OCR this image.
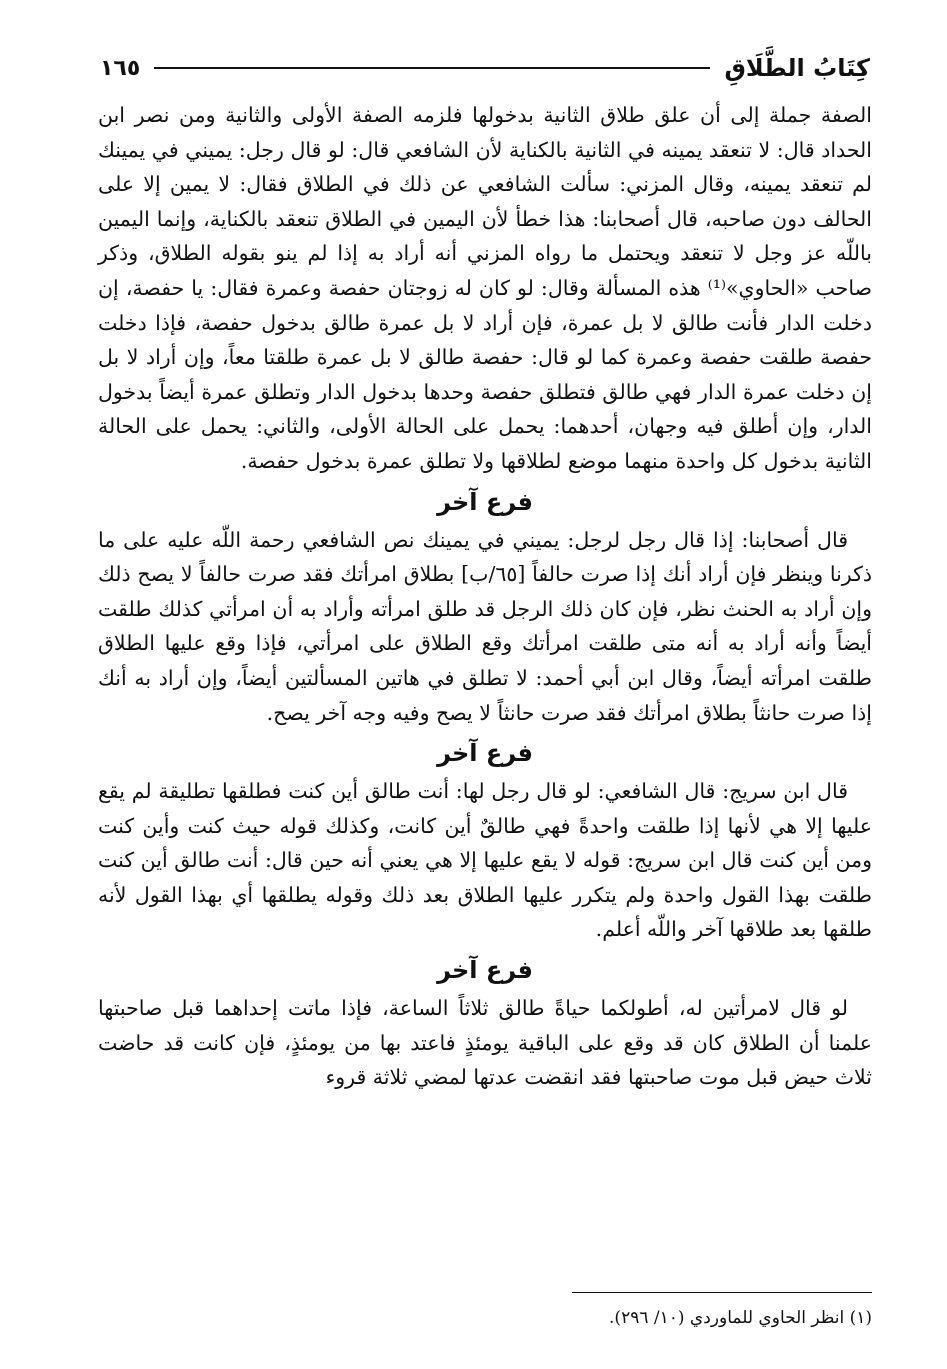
كِتَابُ الطَّلَاقِ
١٦٥

الصفة جملة إلى أن علق طلاق الثانية بدخولها فلزمه الصفة الأولى والثانية ومن نصر ابن الحداد قال: لا تنعقد يمينه في الثانية بالكناية لأن الشافعي قال: لو قال رجل: يميني في يمينك لم تنعقد يمينه، وقال المزني: سألت الشافعي عن ذلك في الطلاق فقال: لا يمين إلا على الحالف دون صاحبه، قال أصحابنا: هذا خطأ لأن اليمين في الطلاق تنعقد بالكناية، وإنما اليمين باللّه عز وجل لا تنعقد ويحتمل ما رواه المزني أنه أراد به إذا لم ينو بقوله الطلاق، وذكر صاحب «الحاوي»⁽¹⁾ هذه المسألة وقال: لو كان له زوجتان حفصة وعمرة فقال: يا حفصة، إن دخلت الدار فأنت طالق لا بل عمرة، فإن أراد لا بل عمرة طالق بدخول حفصة، فإذا دخلت حفصة طلقت حفصة وعمرة كما لو قال: حفصة طالق لا بل عمرة طلقتا معاً، وإن أراد لا بل إن دخلت عمرة الدار فهي طالق فتطلق حفصة وحدها بدخول الدار وتطلق عمرة أيضاً بدخول الدار، وإن أطلق فيه وجهان، أحدهما: يحمل على الحالة الأولى، والثاني: يحمل على الحالة الثانية بدخول كل واحدة منهما موضع لطلاقها ولا تطلق عمرة بدخول حفصة.

فرع آخر

قال أصحابنا: إذا قال رجل لرجل: يميني في يمينك نص الشافعي رحمة اللّه عليه على ما ذكرنا وينظر فإن أراد أنك إذا صرت حالفاً [٦٥/ب] بطلاق امرأتك فقد صرت حالفاً لا يصح ذلك وإن أراد به الحنث نظر، فإن كان ذلك الرجل قد طلق امرأته وأراد به أن امرأتي كذلك طلقت أيضاً وأنه أراد به أنه متى طلقت امرأتك وقع الطلاق على امرأتي، فإذا وقع عليها الطلاق طلقت امرأته أيضاً، وقال ابن أبي أحمد: لا تطلق في هاتين المسألتين أيضاً، وإن أراد به أنك إذا صرت حانثاً بطلاق امرأتك فقد صرت حانثاً لا يصح وفيه وجه آخر يصح.

فرع آخر

قال ابن سريج: قال الشافعي: لو قال رجل لها: أنت طالق أين كنت فطلقها تطليقة لم يقع عليها إلا هي لأنها إذا طلقت واحدةً فهي طالقٌ أين كانت، وكذلك قوله حيث كنت وأين كنت ومن أين كنت قال ابن سريج: قوله لا يقع عليها إلا هي يعني أنه حين قال: أنت طالق أين كنت طلقت بهذا القول واحدة ولم يتكرر عليها الطلاق بعد ذلك وقوله يطلقها أي بهذا القول لأنه طلقها بعد طلاقها آخر واللّه أعلم.

فرع آخر

لو قال لامرأتين له، أطولكما حياةً طالق ثلاثاً الساعة، فإذا ماتت إحداهما قبل صاحبتها علمنا أن الطلاق كان قد وقع على الباقية يومئذٍ فاعتد بها من يومئذٍ، فإن كانت قد حاضت ثلاث حيض قبل موت صاحبتها فقد انقضت عدتها لمضي ثلاثة قروء

(١) انظر الحاوي للماوردي (١٠/ ٢٩٦).
